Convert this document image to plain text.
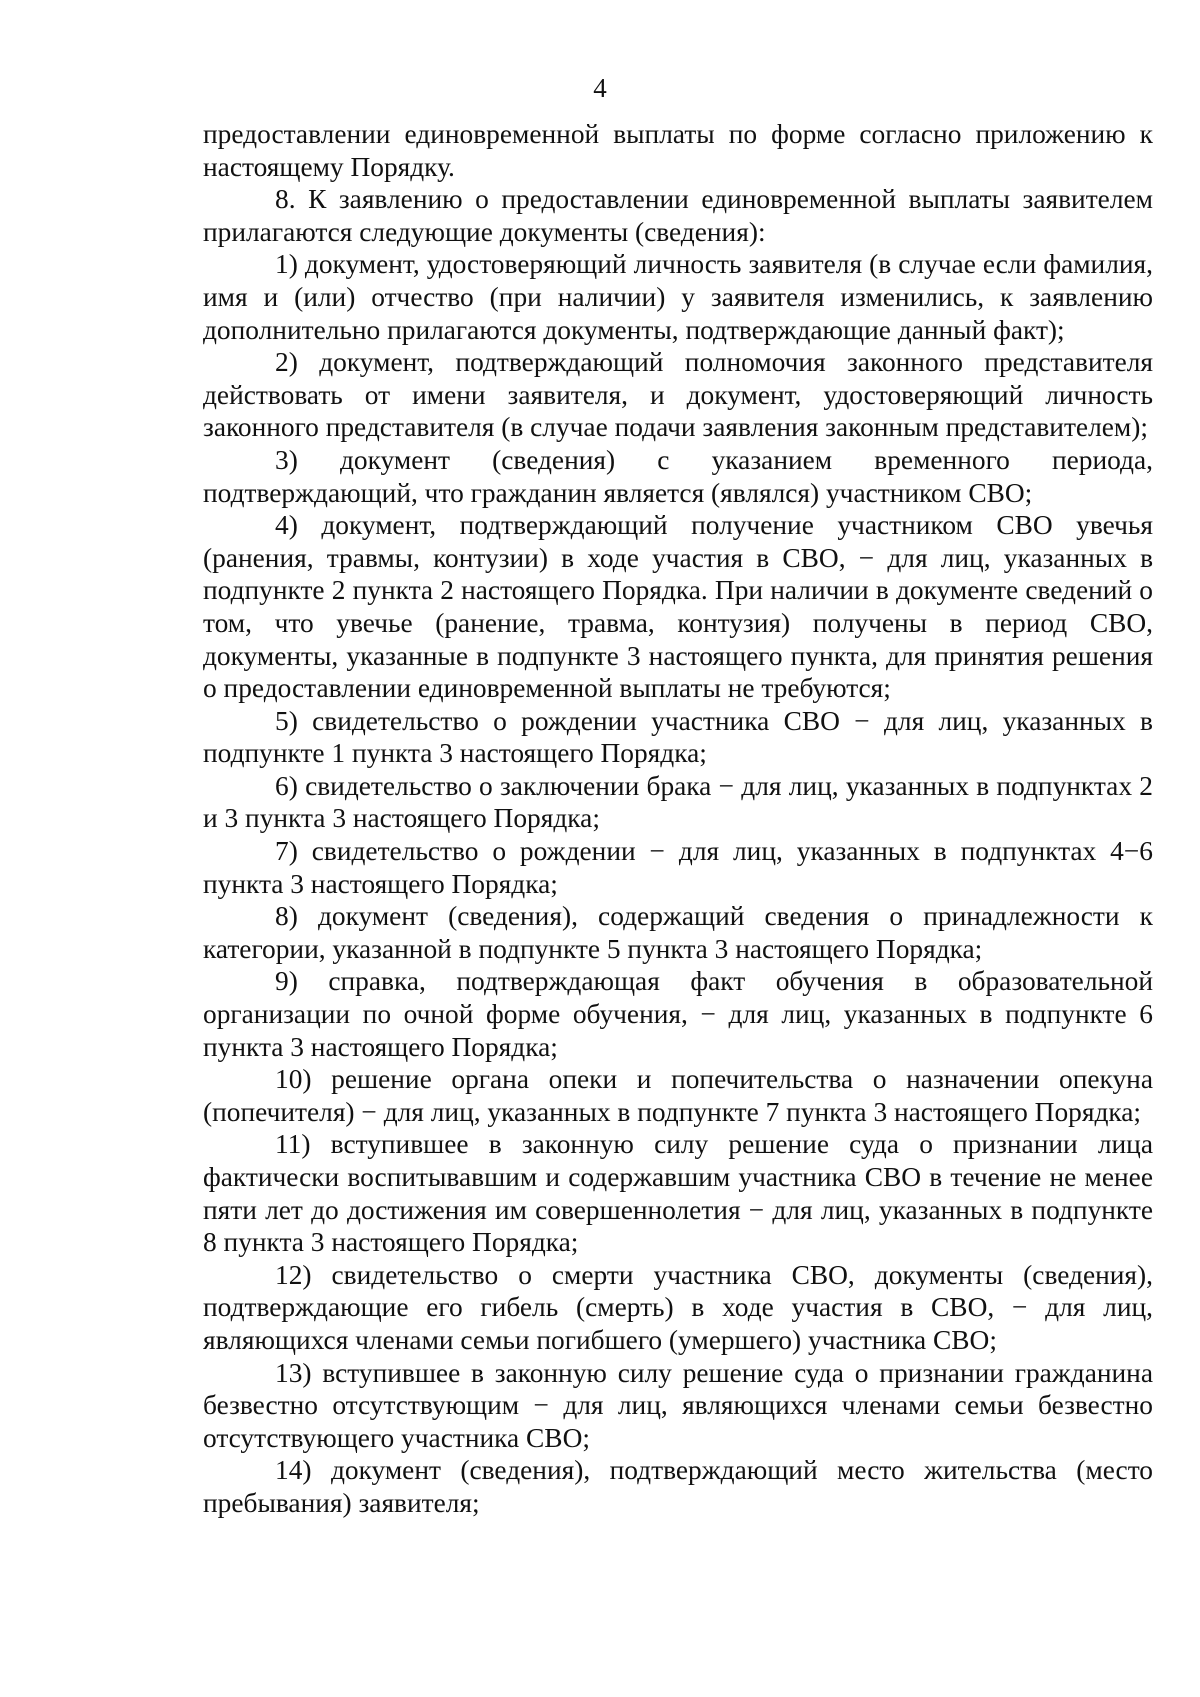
4

предоставлении единовременной выплаты по форме согласно приложению к настоящему Порядку.

8. К заявлению о предоставлении единовременной выплаты заявителем прилагаются следующие документы (сведения):

1) документ, удостоверяющий личность заявителя (в случае если фамилия, имя и (или) отчество (при наличии) у заявителя изменились, к заявлению дополнительно прилагаются документы, подтверждающие данный факт);

2) документ, подтверждающий полномочия законного представителя действовать от имени заявителя, и документ, удостоверяющий личность законного представителя (в случае подачи заявления законным представителем);

3) документ (сведения) с указанием временного периода, подтверждающий, что гражданин является (являлся) участником СВО;

4) документ, подтверждающий получение участником СВО увечья (ранения, травмы, контузии) в ходе участия в СВО, − для лиц, указанных в подпункте 2 пункта 2 настоящего Порядка. При наличии в документе сведений о том, что увечье (ранение, травма, контузия) получены в период СВО, документы, указанные в подпункте 3 настоящего пункта, для принятия решения о предоставлении единовременной выплаты не требуются;

5) свидетельство о рождении участника СВО − для лиц, указанных в подпункте 1 пункта 3 настоящего Порядка;

6) свидетельство о заключении брака − для лиц, указанных в подпунктах 2 и 3 пункта 3 настоящего Порядка;

7) свидетельство о рождении − для лиц, указанных в подпунктах 4−6 пункта 3 настоящего Порядка;

8) документ (сведения), содержащий сведения о принадлежности к категории, указанной в подпункте 5 пункта 3 настоящего Порядка;

9) справка, подтверждающая факт обучения в образовательной организации по очной форме обучения, − для лиц, указанных в подпункте 6 пункта 3 настоящего Порядка;

10) решение органа опеки и попечительства о назначении опекуна (попечителя) − для лиц, указанных в подпункте 7 пункта 3 настоящего Порядка;

11) вступившее в законную силу решение суда о признании лица фактически воспитывавшим и содержавшим участника СВО в течение не менее пяти лет до достижения им совершеннолетия − для лиц, указанных в подпункте 8 пункта 3 настоящего Порядка;

12) свидетельство о смерти участника СВО, документы (сведения), подтверждающие его гибель (смерть) в ходе участия в СВО, − для лиц, являющихся членами семьи погибшего (умершего) участника СВО;

13) вступившее в законную силу решение суда о признании гражданина безвестно отсутствующим − для лиц, являющихся членами семьи безвестно отсутствующего участника СВО;

14) документ (сведения), подтверждающий место жительства (место пребывания) заявителя;
